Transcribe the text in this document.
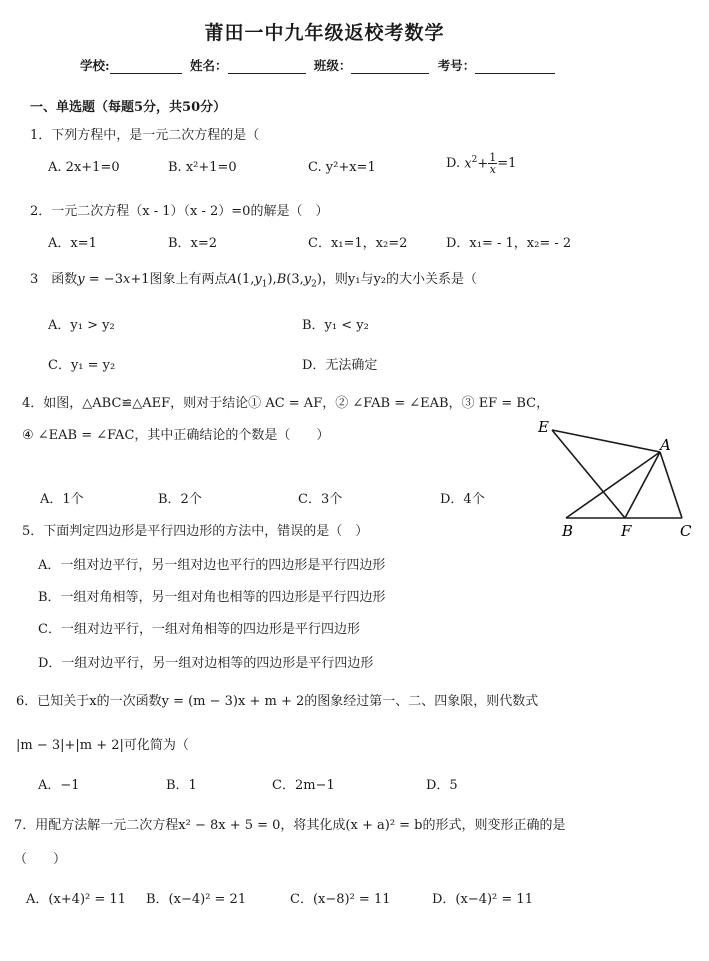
莆田一中九年级返校考数学
学校:	姓名：	班级：	考号：
一、单选题（每题5分，共50分）
1．下列方程中，是一元二次方程的是（
A. 2x+1=0	B. x²+1=0	C. y²+x=1	D. $x^2+ \frac{1}{x} =1$
2．一元二次方程（x - 1）（x - 2）=0的解是（　）
A．x=1	B．x=2	C．x₁=1，x₂=2	D．x₁= - 1，x₂= - 2
3　函数y = −3x+1图象上有两点$A(1,y_1),B(3,y_2)$，则y₁与y₂的大小关系是（
A．y₁ > y₂	B．y₁ < y₂
C．y₁ = y₂	D．无法确定
4．如图，△ABC≌△AEF，则对于结论① AC = AF，② ∠FAB = ∠EAB，③ EF = BC，
④ ∠EAB = ∠FAC，其中正确结论的个数是（　　）
A．1个	B．2个	C．3个	D．4个
E
A
B	F	C
5．下面判定四边形是平行四边形的方法中，错误的是（　）
A．一组对边平行，另一组对边也平行的四边形是平行四边形
B．一组对角相等，另一组对角也相等的四边形是平行四边形
C．一组对边平行，一组对角相等的四边形是平行四边形
D．一组对边平行，另一组对边相等的四边形是平行四边形
6．已知关于x的一次函数y = (m − 3)x + m + 2的图象经过第一、二、四象限，则代数式
|m − 3|+|m + 2|可化简为（
A．−1	B．1	C．2m−1	D．5
7．用配方法解一元二次方程x² − 8x + 5 = 0，将其化成(x + a)² = b的形式，则变形正确的是
（　　）
A．(x+4)² = 11 B．(x−4)² = 21	C．(x−8)² = 11	D．(x−4)² = 11
